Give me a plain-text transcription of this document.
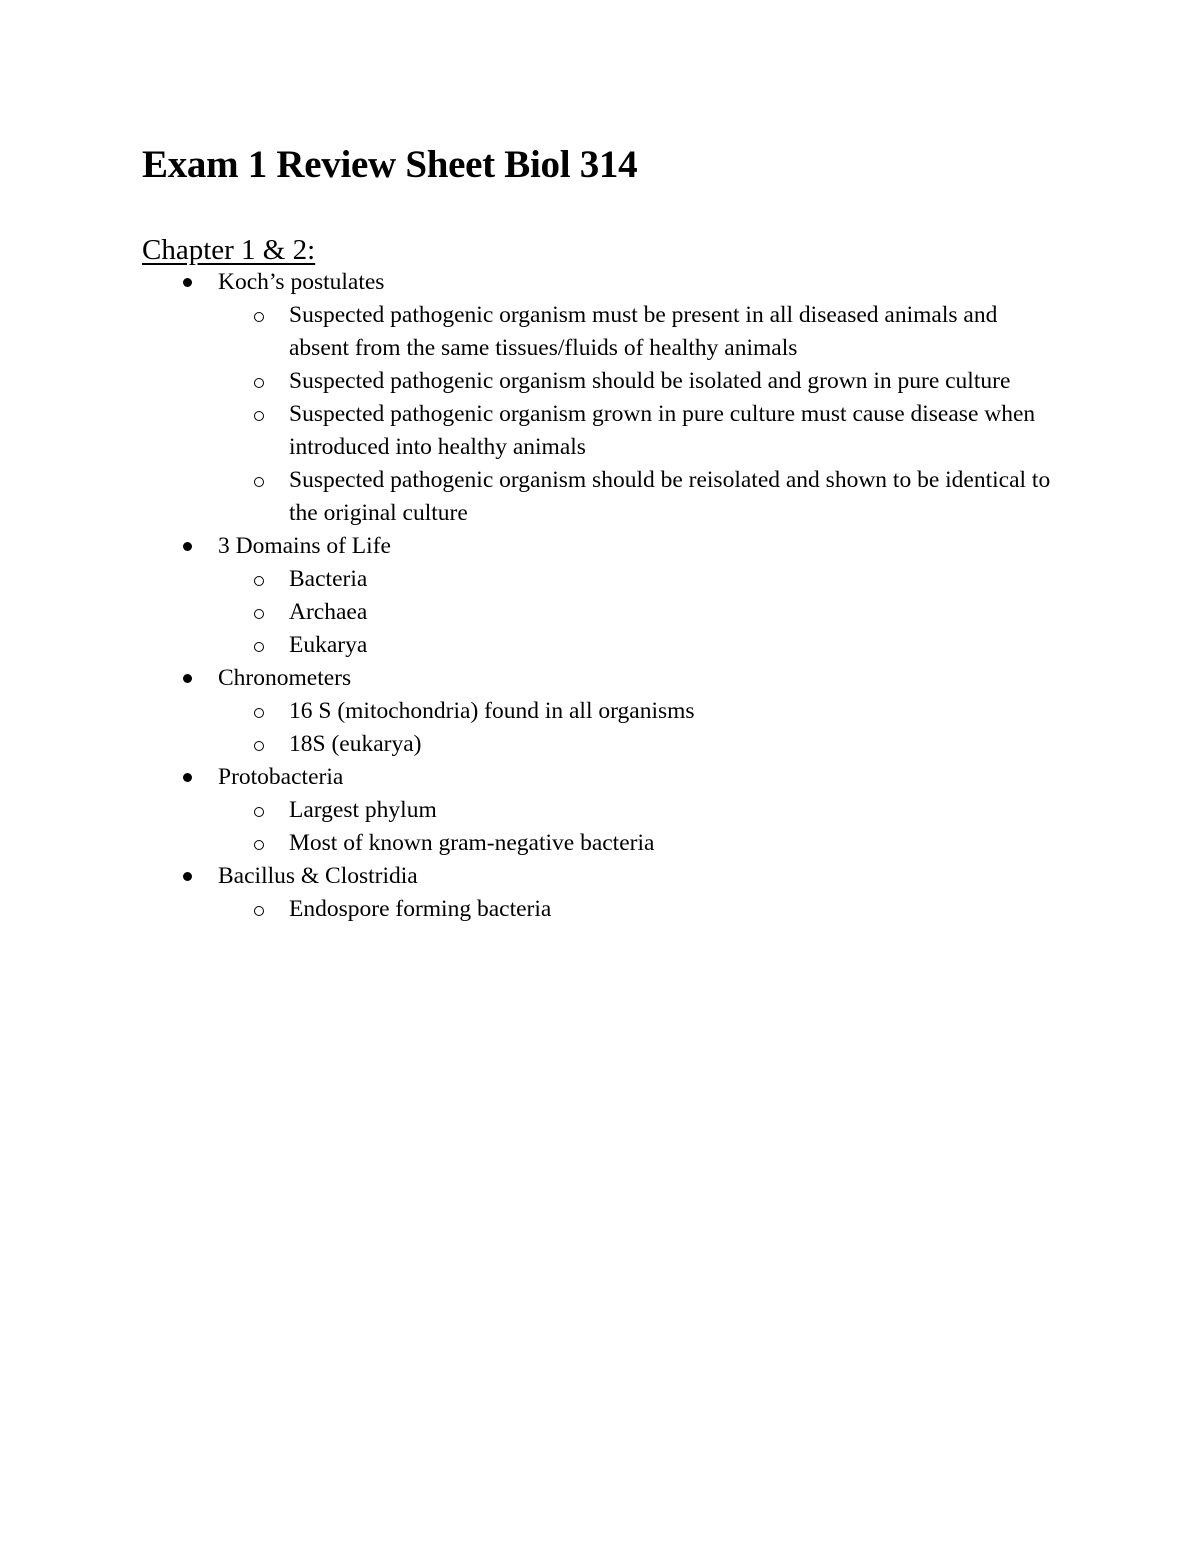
Exam 1 Review Sheet Biol 314
Chapter 1 & 2:
Koch’s postulates
Suspected pathogenic organism must be present in all diseased animals and absent from the same tissues/fluids of healthy animals
Suspected pathogenic organism should be isolated and grown in pure culture
Suspected pathogenic organism grown in pure culture must cause disease when introduced into healthy animals
Suspected pathogenic organism should be reisolated and shown to be identical to the original culture
3 Domains of Life
Bacteria
Archaea
Eukarya
Chronometers
16 S (mitochondria) found in all organisms
18S (eukarya)
Protobacteria
Largest phylum
Most of known gram-negative bacteria
Bacillus & Clostridia
Endospore forming bacteria
